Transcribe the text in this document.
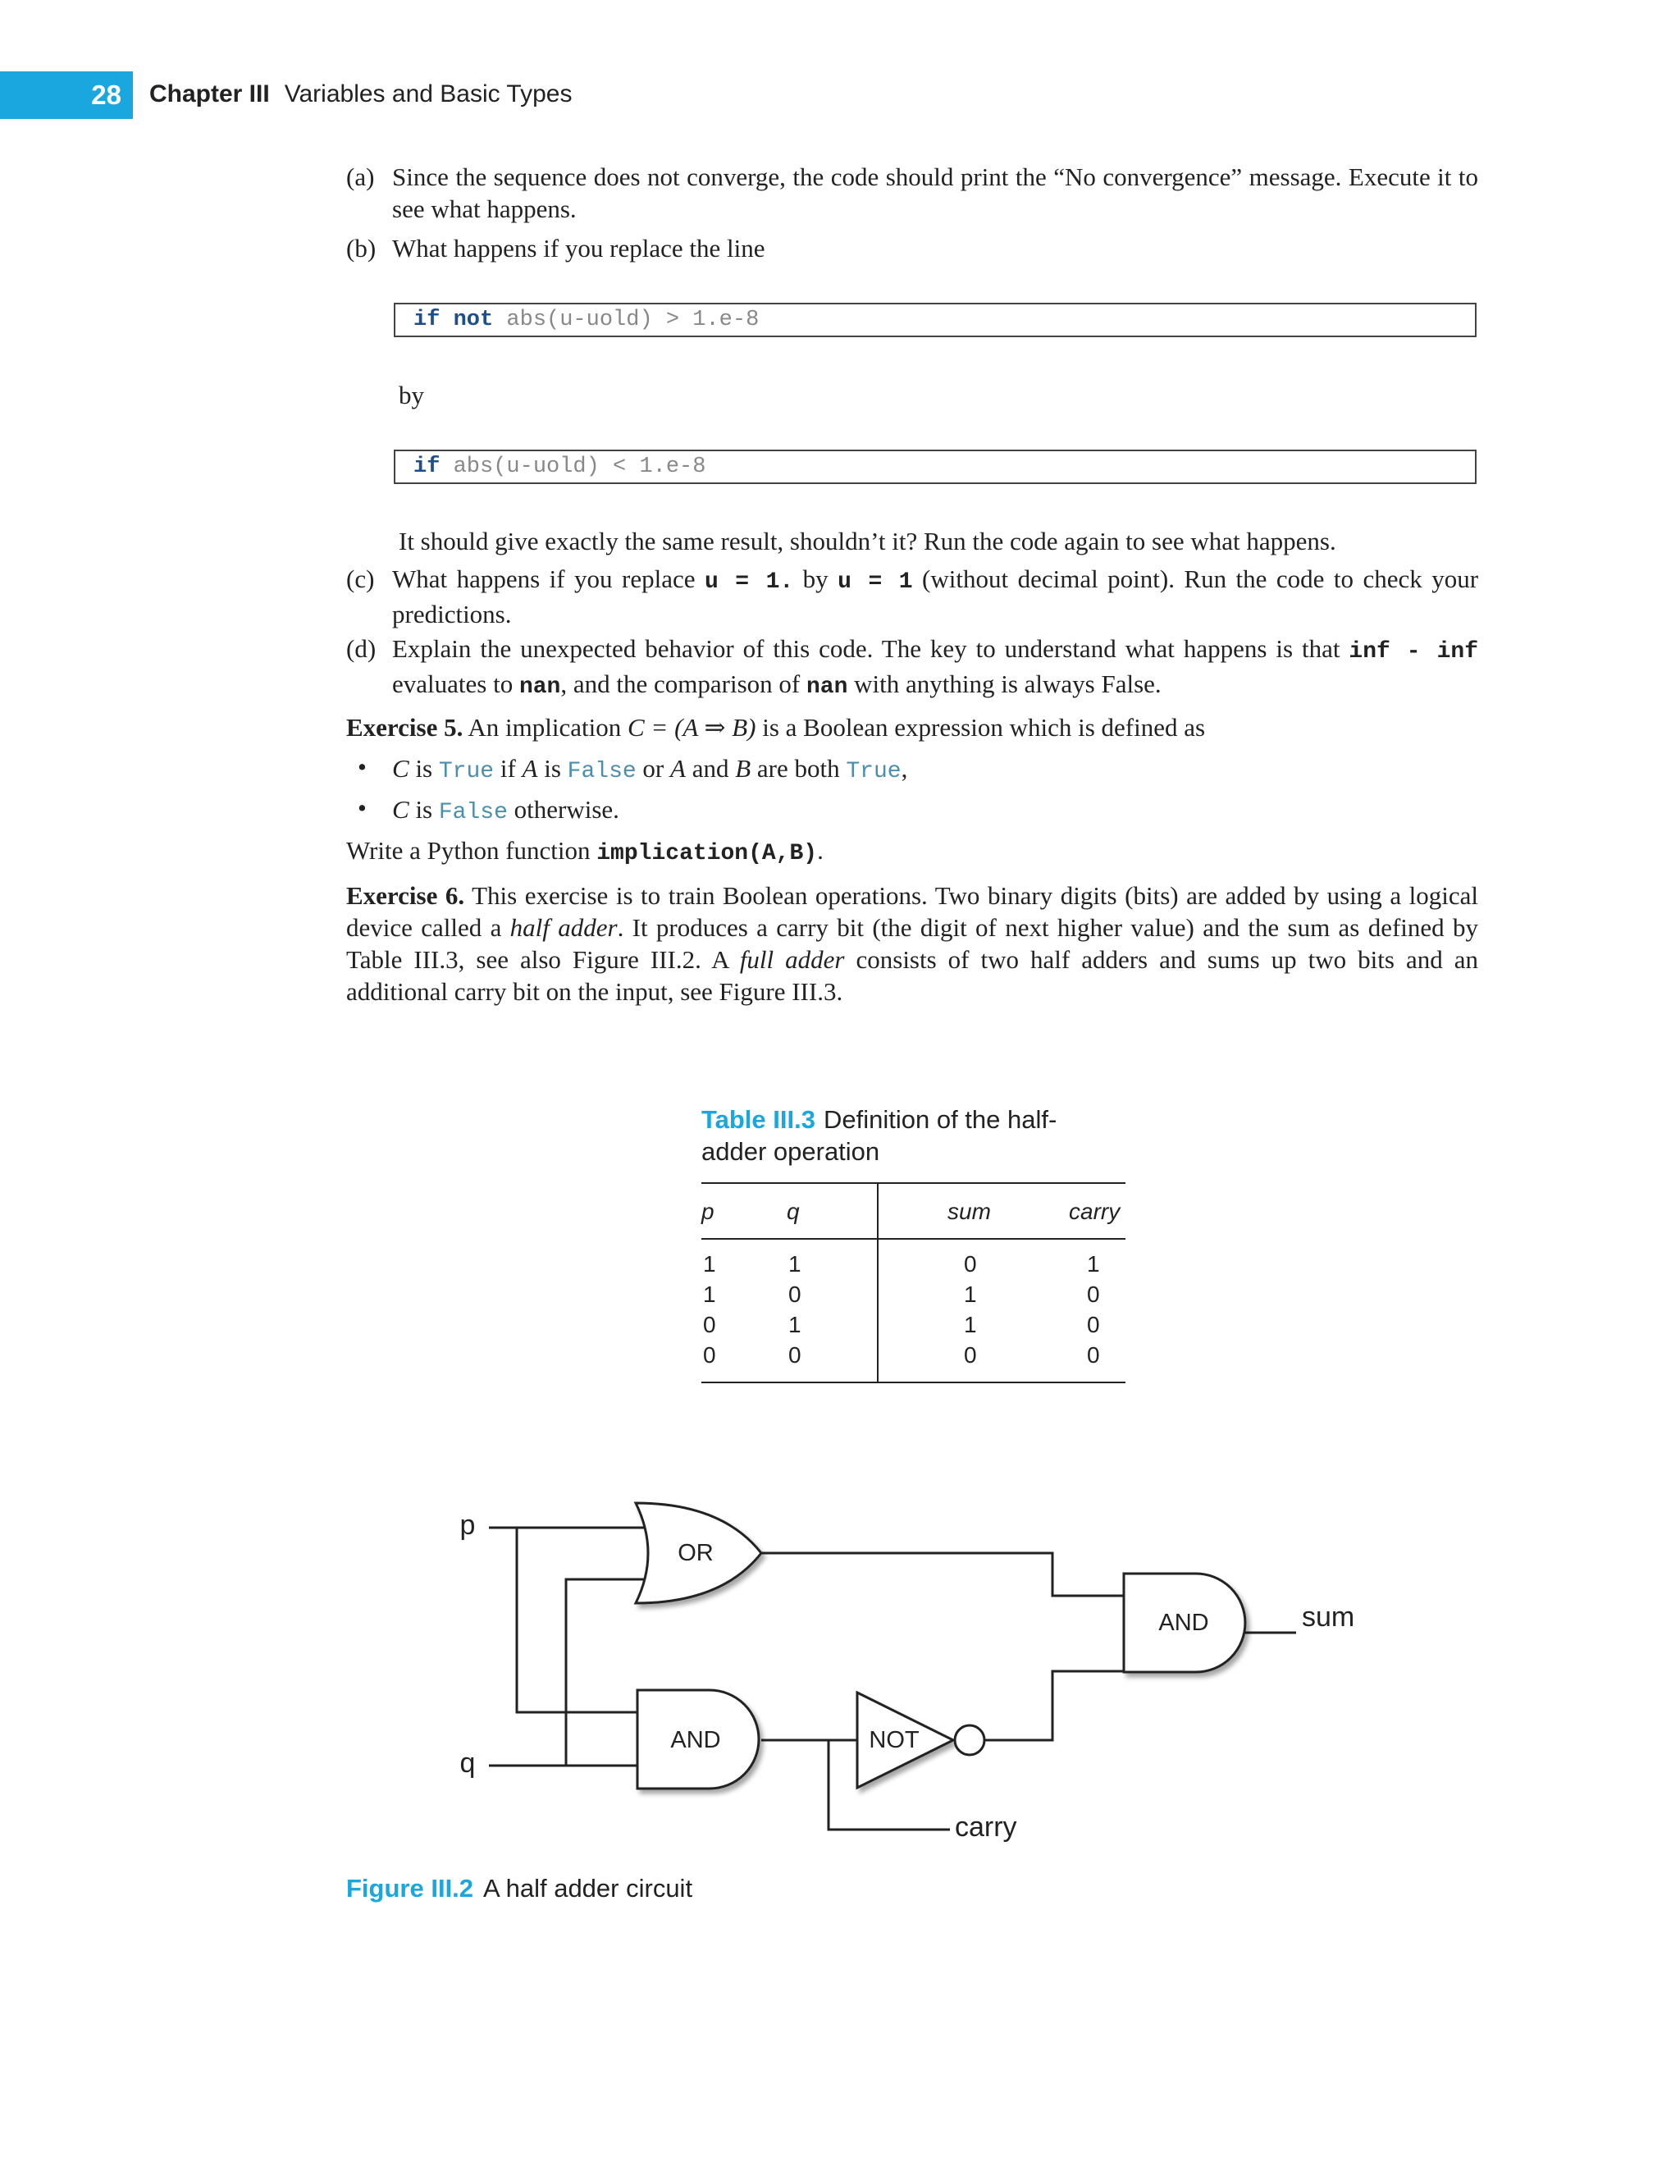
28	Chapter III Variables and Basic Types
(a) Since the sequence does not converge, the code should print the “No convergence” message. Execute it to see what happens.
(b) What happens if you replace the line
if not abs(u-uold) > 1.e-8
by
if abs(u-uold) < 1.e-8
It should give exactly the same result, shouldn’t it? Run the code again to see what happens.
(c) What happens if you replace u = 1. by u = 1 (without decimal point). Run the code to check your predictions.
(d) Explain the unexpected behavior of this code. The key to understand what happens is that inf - inf evaluates to nan, and the comparison of nan with anything is always False.
Exercise 5. An implication C = (A ⇒ B) is a Boolean expression which is defined as
• C is True if A is False or A and B are both True,
• C is False otherwise.
Write a Python function implication(A,B).
Exercise 6. This exercise is to train Boolean operations. Two binary digits (bits) are added by using a logical device called a half adder. It produces a carry bit (the digit of next higher value) and the sum as defined by Table III.3, see also Figure III.2. A full adder consists of two half adders and sums up two bits and an additional carry bit on the input, see Figure III.3.
Table III.3 Definition of the half-adder operation
p	q	sum	carry
1	1	0	1
1	0	1	0
0	1	1	0
0	0	0	0
OR
AND	NOT
AND
p
q
sum
carry
Figure III.2 A half adder circuit
